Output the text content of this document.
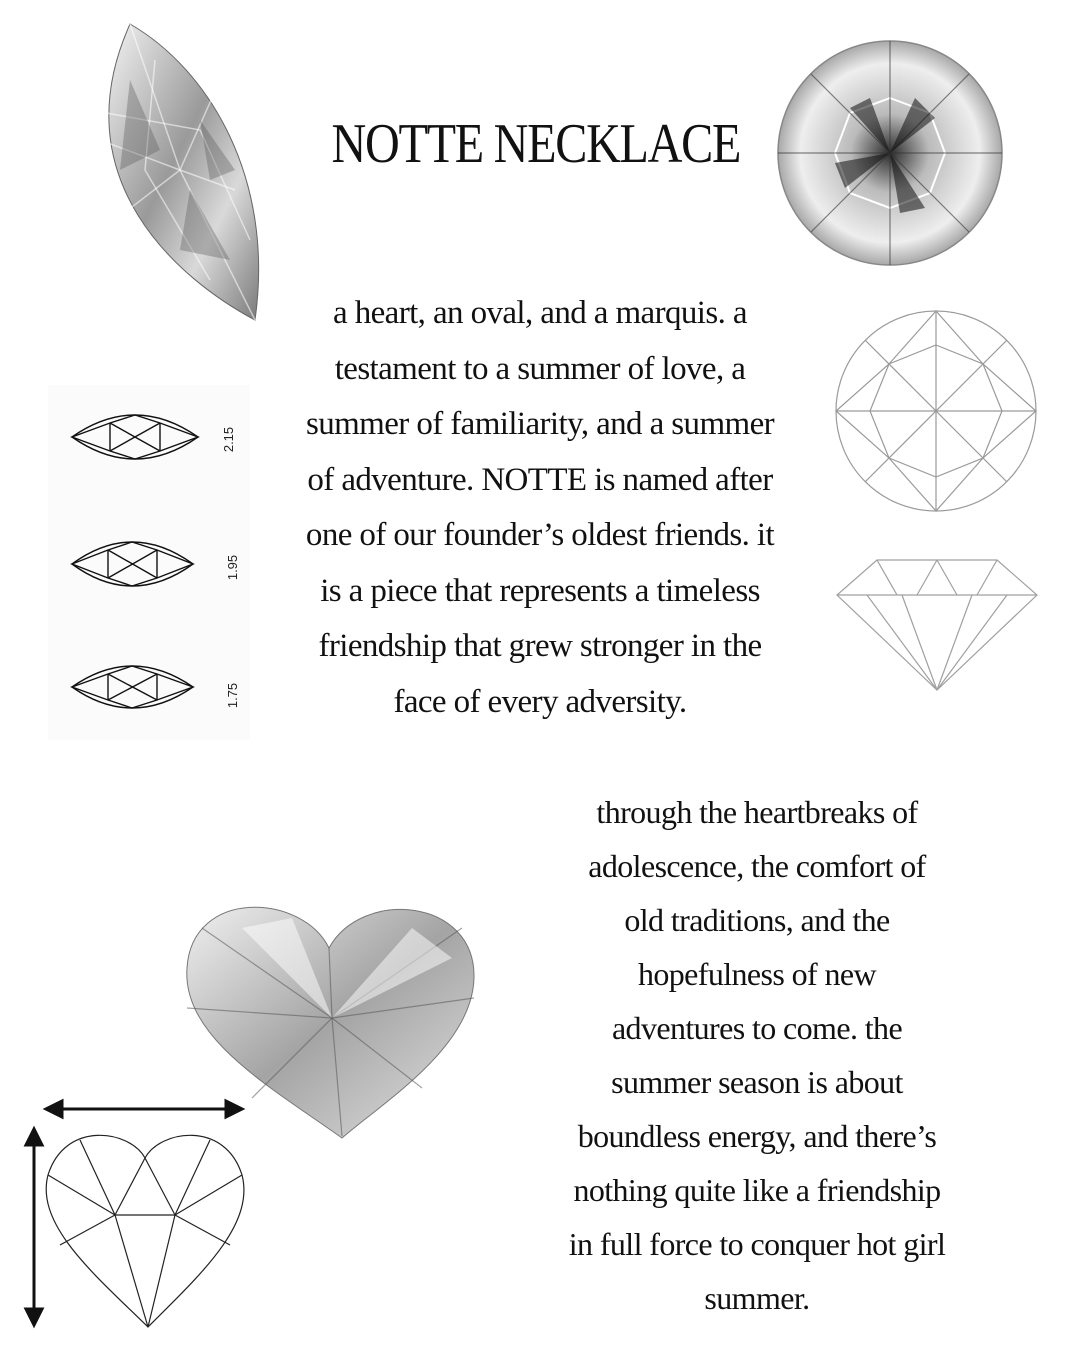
NOTTE NECKLACE
a heart, an oval, and a marquis. a
testament to a summer of love, a
summer of familiarity, and a summer
of adventure. NOTTE is named after
one of our founder’s oldest friends. it
is a piece that represents a timeless
friendship that grew stronger in the
face of every adversity.
through the heartbreaks of
adolescence, the comfort of
old traditions, and the
hopefulness of new
adventures to come. the
summer season is about
boundless energy, and there’s
nothing quite like a friendship
in full force to conquer hot girl
summer.
2.15
1.95
1.75
